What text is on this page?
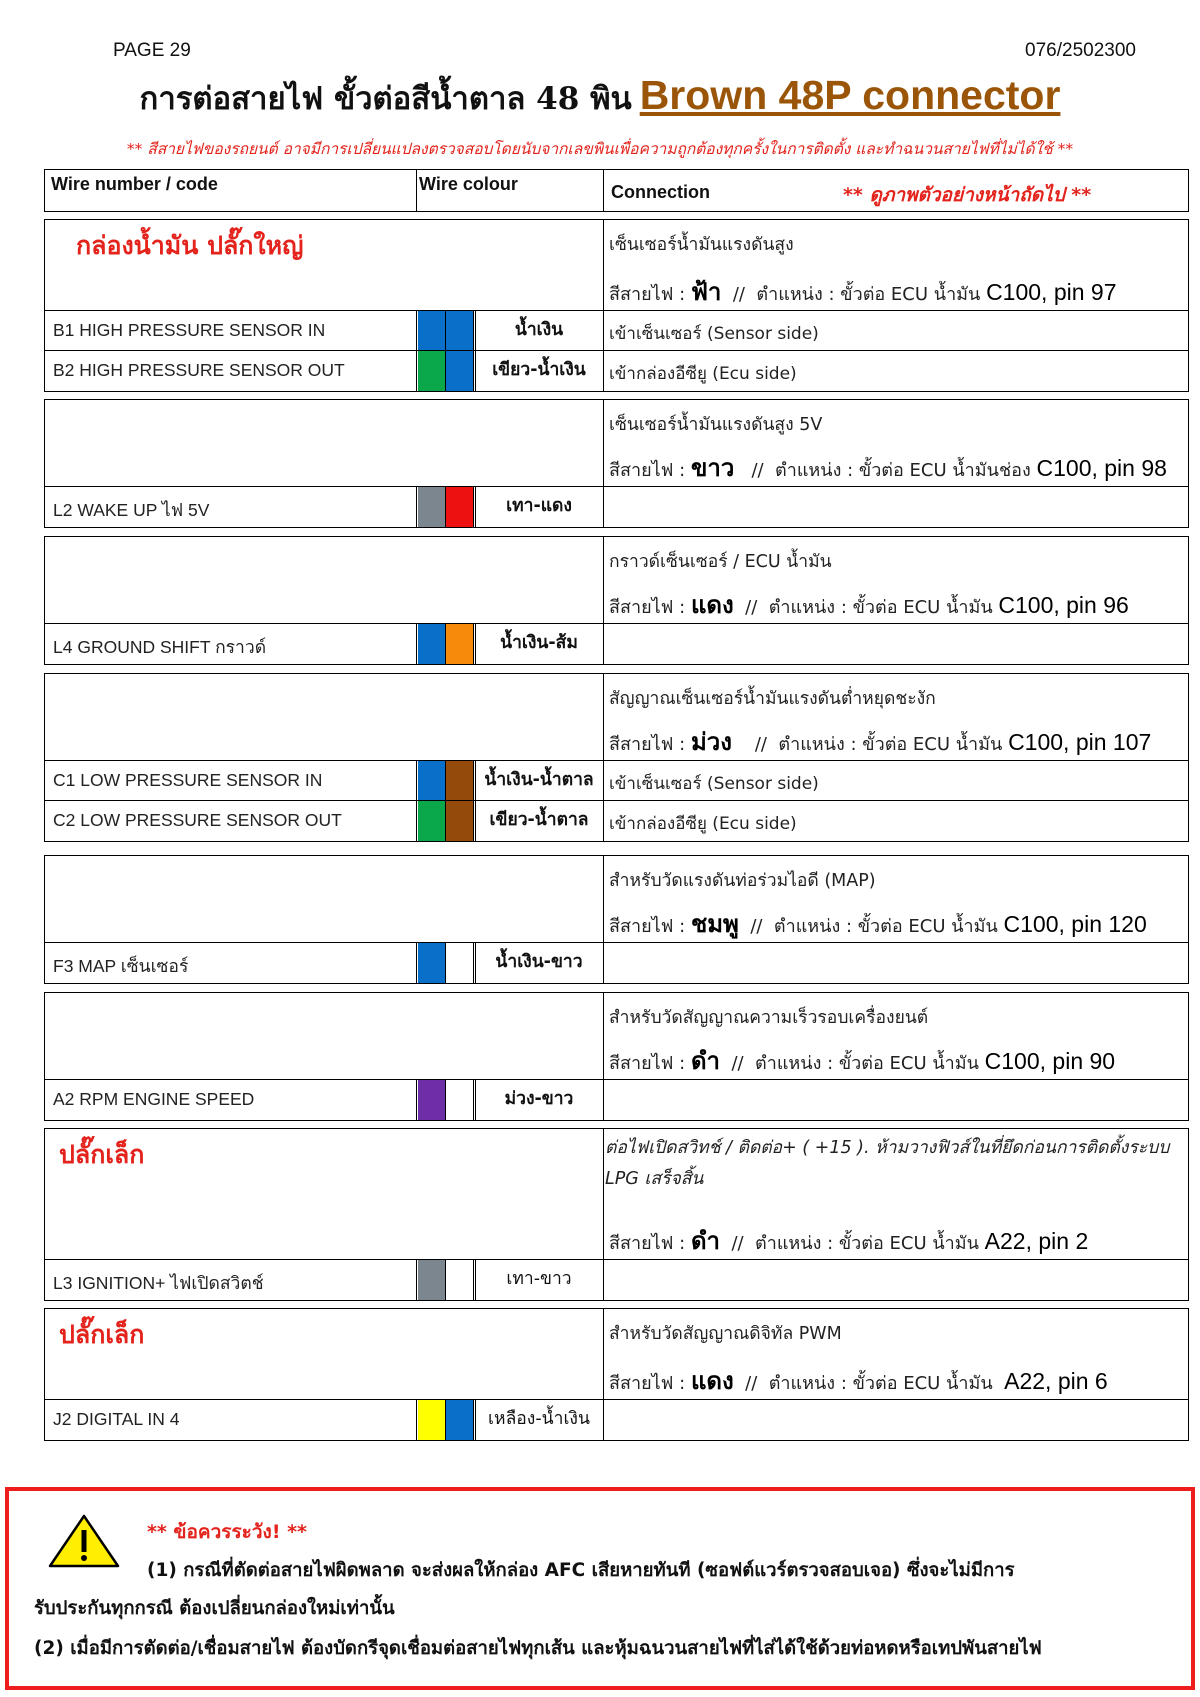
PAGE 29	076/2502300
การต่อสายไฟ ขั้วต่อสีน้ำตาล 48 พิน Brown 48P connector
** สีสายไฟของรถยนต์ อาจมีการเปลี่ยนแปลงตรวจสอบโดยนับจากเลขพินเพื่อความถูกต้องทุกครั้งในการติดตั้ง และทำฉนวนสายไฟที่ไม่ได้ใช้ **
Wire number / code	Wire colour	Connection	** ดูภาพตัวอย่างหน้าถัดไป **
กล่องน้ำมัน ปลั๊กใหญ่	เซ็นเซอร์น้ำมันแรงดันสูง
สีสายไฟ : ฟ้า  //  ตำแหน่ง : ขั้วต่อ ECU น้ำมัน C100, pin 97
B1 HIGH PRESSURE SENSOR IN	น้ำเงิน	เข้าเซ็นเซอร์ (Sensor side)
B2 HIGH PRESSURE SENSOR OUT	เขียว-น้ำเงิน	เข้ากล่องอีซียู (Ecu side)
เซ็นเซอร์น้ำมันแรงดันสูง 5V
สีสายไฟ : ขาว   //  ตำแหน่ง : ขั้วต่อ ECU น้ำมันช่อง C100, pin 98
L2 WAKE UP ไฟ 5V	เทา-แดง
กราวด์เซ็นเซอร์ / ECU น้ำมัน
สีสายไฟ : แดง  //  ตำแหน่ง : ขั้วต่อ ECU น้ำมัน C100, pin 96
L4 GROUND SHIFT กราวด์	น้ำเงิน-ส้ม
สัญญาณเซ็นเซอร์น้ำมันแรงดันต่ำหยุดชะงัก
สีสายไฟ : ม่วง    //  ตำแหน่ง : ขั้วต่อ ECU น้ำมัน C100, pin 107
C1 LOW PRESSURE SENSOR IN	น้ำเงิน-น้ำตาล เข้าเซ็นเซอร์ (Sensor side)
C2 LOW PRESSURE SENSOR OUT	เขียว-น้ำตาล	เข้ากล่องอีซียู (Ecu side)
สำหรับวัดแรงดันท่อร่วมไอดี (MAP)
สีสายไฟ : ชมพู  //  ตำแหน่ง : ขั้วต่อ ECU น้ำมัน C100, pin 120
F3 MAP เซ็นเซอร์	น้ำเงิน-ขาว
สำหรับวัดสัญญาณความเร็วรอบเครื่องยนต์
สีสายไฟ : ดำ  //  ตำแหน่ง : ขั้วต่อ ECU น้ำมัน C100, pin 90
A2 RPM ENGINE SPEED	ม่วง-ขาว
ปลั๊กเล็ก	ต่อไฟเปิดสวิทช์ / ติดต่อ+ ( +15 ). ห้ามวางฟิวส์ในที่ยึดก่อนการติดตั้งระบบ LPG เสร็จสิ้น
สีสายไฟ : ดำ  //  ตำแหน่ง : ขั้วต่อ ECU น้ำมัน A22, pin 2
L3 IGNITION+ ไฟเปิดสวิตช์	เทา-ขาว
ปลั๊กเล็ก	สำหรับวัดสัญญาณดิจิทัล PWM
สีสายไฟ : แดง  //  ตำแหน่ง : ขั้วต่อ ECU น้ำมัน  A22, pin 6
J2 DIGITAL IN 4	เหลือง-น้ำเงิน
** ข้อควรระวัง! **
(1) กรณีที่ตัดต่อสายไฟผิดพลาด จะส่งผลให้กล่อง AFC เสียหายทันที (ซอฟต์แวร์ตรวจสอบเจอ) ซึ่งจะไม่มีการ
รับประกันทุกกรณี ต้องเปลี่ยนกล่องใหม่เท่านั้น
(2) เมื่อมีการตัดต่อ/เชื่อมสายไฟ ต้องบัดกรีจุดเชื่อมต่อสายไฟทุกเส้น และหุ้มฉนวนสายไฟที่ไส่ได้ใช้ด้วยท่อหดหรือเทปพันสายไฟ
